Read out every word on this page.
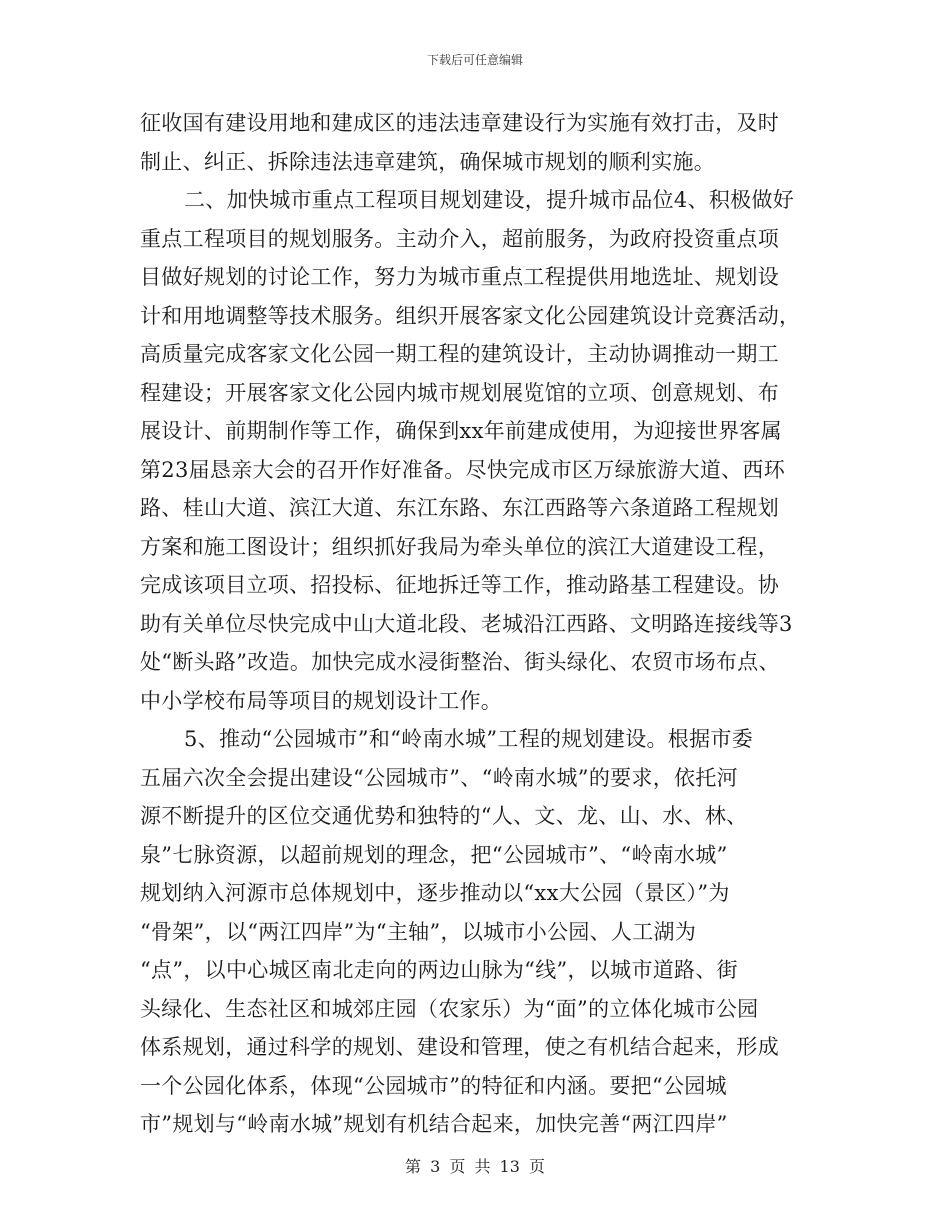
下载后可任意编辑
征收国有建设用地和建成区的违法违章建设行为实施有效打击，及时
制止、纠正、拆除违法违章建筑，确保城市规划的顺利实施。
二、加快城市重点工程项目规划建设，提升城市品位4、积极做好
重点工程项目的规划服务。主动介入，超前服务，为政府投资重点项
目做好规划的讨论工作，努力为城市重点工程提供用地选址、规划设
计和用地调整等技术服务。组织开展客家文化公园建筑设计竞赛活动，
高质量完成客家文化公园一期工程的建筑设计，主动协调推动一期工
程建设；开展客家文化公园内城市规划展览馆的立项、创意规划、布
展设计、前期制作等工作，确保到xx年前建成使用，为迎接世界客属
第23届恳亲大会的召开作好准备。尽快完成市区万绿旅游大道、西环
路、桂山大道、滨江大道、东江东路、东江西路等六条道路工程规划
方案和施工图设计；组织抓好我局为牵头单位的滨江大道建设工程，
完成该项目立项、招投标、征地拆迁等工作，推动路基工程建设。协
助有关单位尽快完成中山大道北段、老城沿江西路、文明路连接线等3
处“断头路”改造。加快完成水浸街整治、街头绿化、农贸市场布点、
中小学校布局等项目的规划设计工作。
5、推动“公园城市”和“岭南水城”工程的规划建设。根据市委
五届六次全会提出建设“公园城市”、“岭南水城”的要求，依托河
源不断提升的区位交通优势和独特的“人、文、龙、山、水、林、
泉”七脉资源，以超前规划的理念，把“公园城市”、“岭南水城”
规划纳入河源市总体规划中，逐步推动以“xx大公园（景区）”为
“骨架”，以“两江四岸”为“主轴”，以城市小公园、人工湖为
“点”，以中心城区南北走向的两边山脉为“线”，以城市道路、街
头绿化、生态社区和城郊庄园（农家乐）为“面”的立体化城市公园
体系规划，通过科学的规划、建设和管理，使之有机结合起来，形成
一个公园化体系，体现“公园城市”的特征和内涵。要把“公园城
市”规划与“岭南水城”规划有机结合起来，加快完善“两江四岸”
第 3 页 共 13 页
